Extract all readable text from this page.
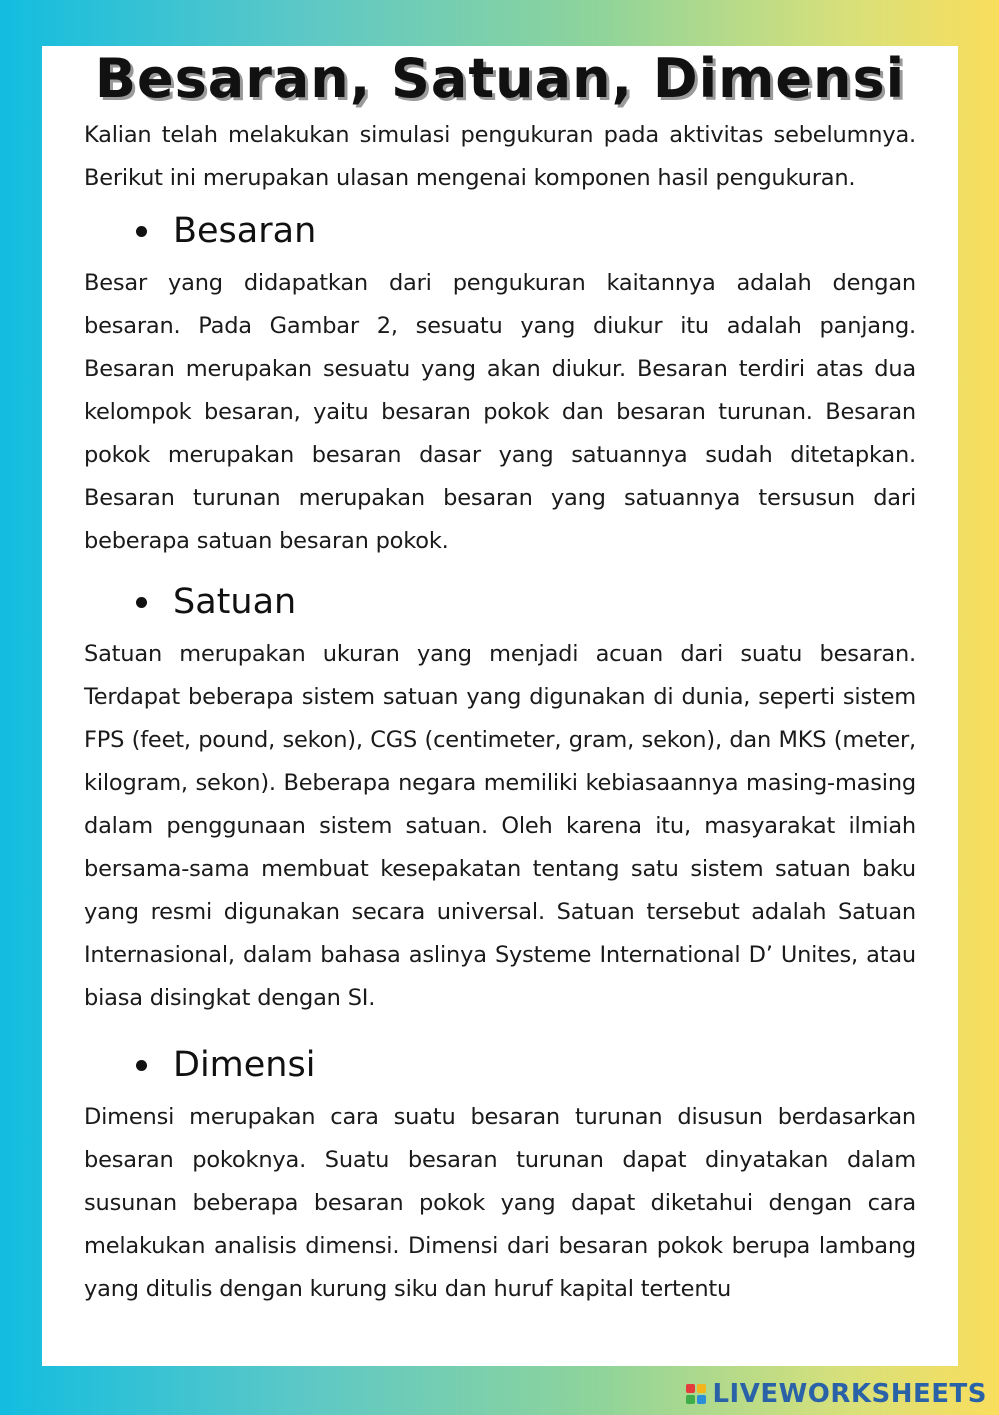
Besaran, Satuan, Dimensi

Kalian telah melakukan simulasi pengukuran pada aktivitas sebelumnya. Berikut ini merupakan ulasan mengenai komponen hasil pengukuran.

Besaran

Besar yang didapatkan dari pengukuran kaitannya adalah dengan besaran. Pada Gambar 2, sesuatu yang diukur itu adalah panjang. Besaran merupakan sesuatu yang akan diukur. Besaran terdiri atas dua kelompok besaran, yaitu besaran pokok dan besaran turunan. Besaran pokok merupakan besaran dasar yang satuannya sudah ditetapkan. Besaran turunan merupakan besaran yang satuannya tersusun dari beberapa satuan besaran pokok.

Satuan

Satuan merupakan ukuran yang menjadi acuan dari suatu besaran. Terdapat beberapa sistem satuan yang digunakan di dunia, seperti sistem FPS (feet, pound, sekon), CGS (centimeter, gram, sekon), dan MKS (meter, kilogram, sekon). Beberapa negara memiliki kebiasaannya masing-masing dalam penggunaan sistem satuan. Oleh karena itu, masyarakat ilmiah bersama-sama membuat kesepakatan tentang satu sistem satuan baku yang resmi digunakan secara universal. Satuan tersebut adalah Satuan Internasional, dalam bahasa aslinya Systeme International D’ Unites, atau biasa disingkat dengan SI.

Dimensi

Dimensi merupakan cara suatu besaran turunan disusun berdasarkan besaran pokoknya. Suatu besaran turunan dapat dinyatakan dalam susunan beberapa besaran pokok yang dapat diketahui dengan cara melakukan analisis dimensi. Dimensi dari besaran pokok berupa lambang yang ditulis dengan kurung siku dan huruf kapital tertentu

LIVEWORKSHEETS
